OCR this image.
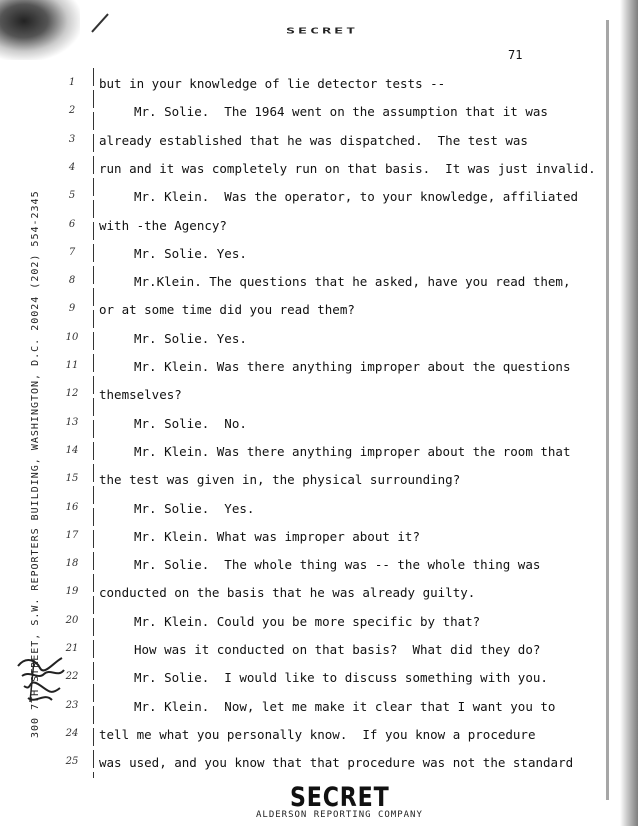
SECRET
71
300 7TH STREET, S.W. REPORTERS BUILDING, WASHINGTON, D.C. 20024 (202) 554-2345
1	but in your knowledge of lie detector tests --
2	Mr. Solie.  The 1964 went on the assumption that it was
3	already established that he was dispatched.  The test was
4	run and it was completely run on that basis.  It was just invalid.
5	Mr. Klein.  Was the operator, to your knowledge, affiliated
6	with -the Agency?
7	Mr. Solie. Yes.
8	Mr.Klein. The questions that he asked, have you read them,
9	or at some time did you read them?
10	Mr. Solie. Yes.
11	Mr. Klein. Was there anything improper about the questions
12	themselves?
13	Mr. Solie.  No.
14	Mr. Klein. Was there anything improper about the room that
15	the test was given in, the physical surrounding?
16	Mr. Solie.  Yes.
17	Mr. Klein. What was improper about it?
18	Mr. Solie.  The whole thing was -- the whole thing was
19	conducted on the basis that he was already guilty.
20	Mr. Klein. Could you be more specific by that?
21	How was it conducted on that basis?  What did they do?
22	Mr. Solie.  I would like to discuss something with you.
23	Mr. Klein.  Now, let me make it clear that I want you to
24	tell me what you personally know.  If you know a procedure
25	was used, and you know that that procedure was not the standard
SECRET
ALDERSON REPORTING COMPANY
